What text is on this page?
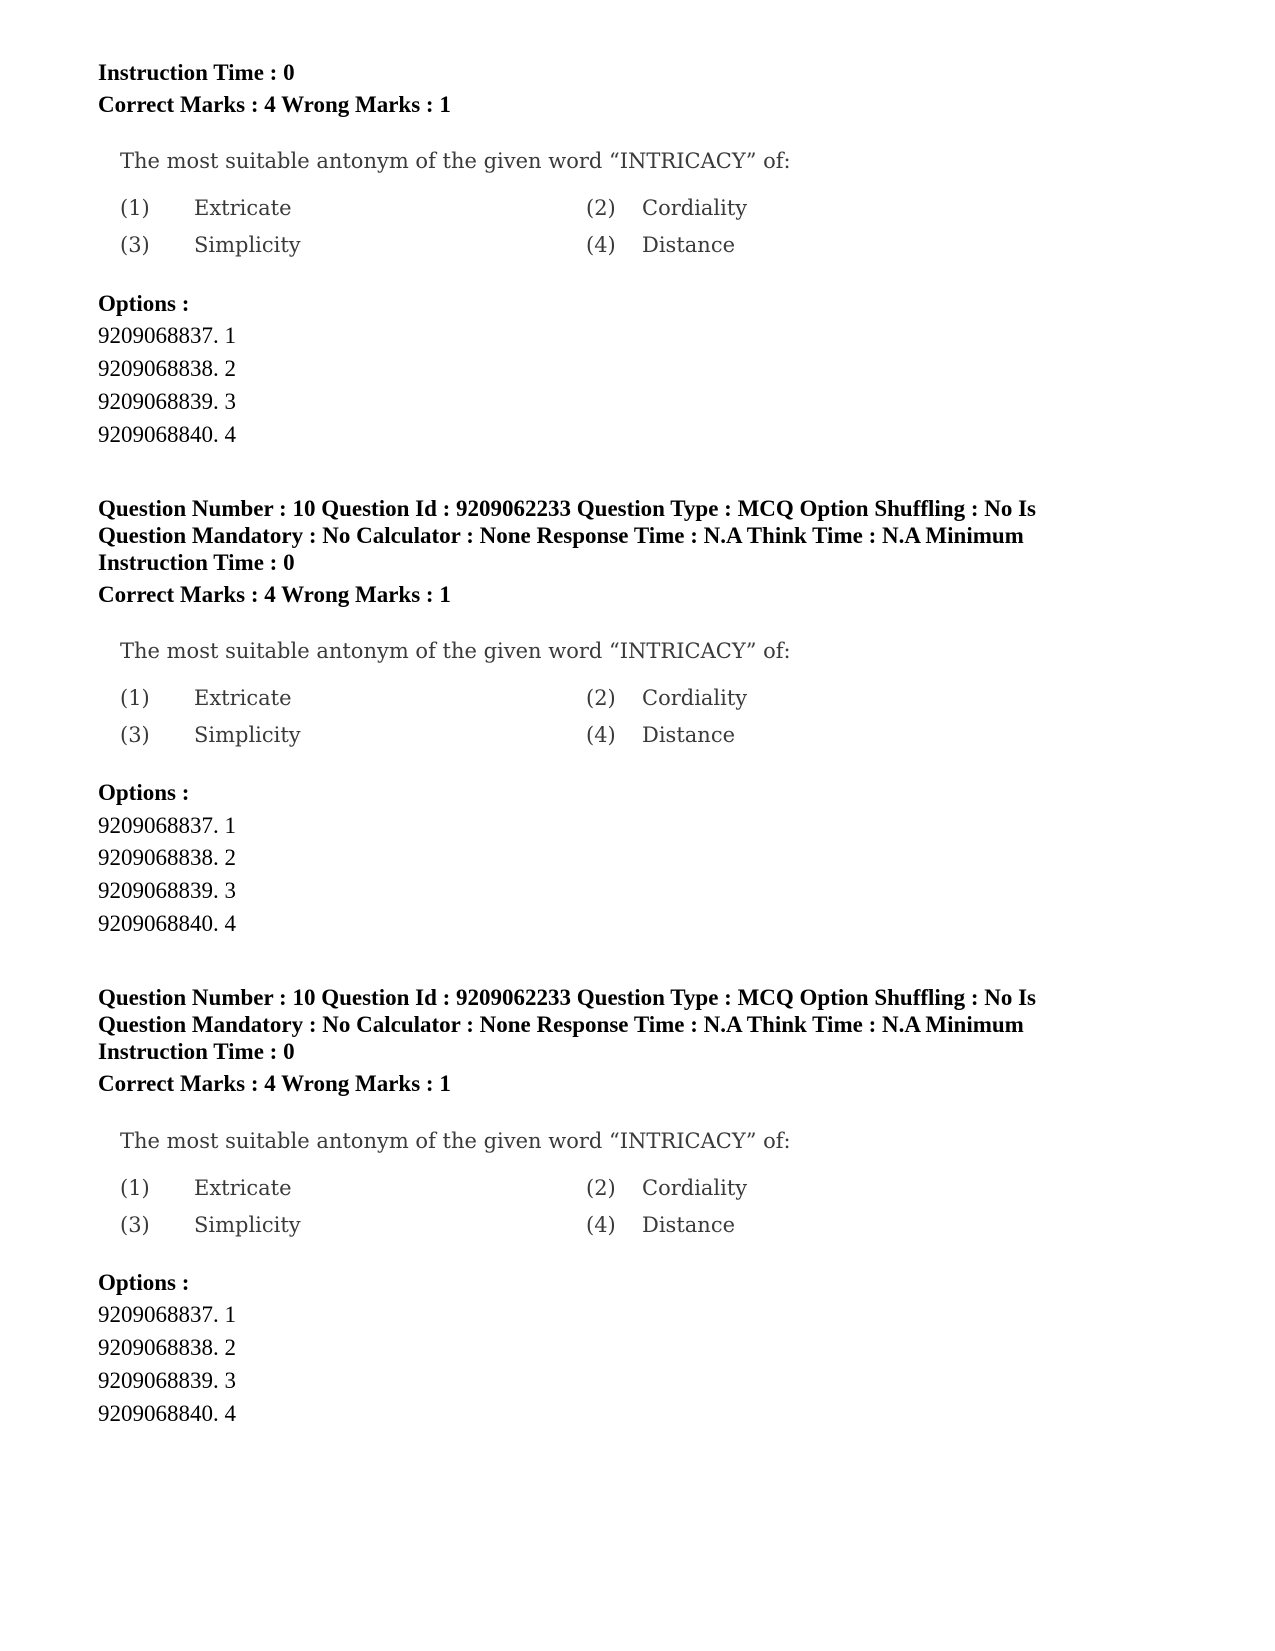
Instruction Time : 0
Correct Marks : 4 Wrong Marks : 1
The most suitable antonym of the given word “INTRICACY” of:
(1) Extricate	(2) Cordiality
(3) Simplicity	(4) Distance
Options :
9209068837. 1
9209068838. 2
9209068839. 3
9209068840. 4
Question Number : 10 Question Id : 9209062233 Question Type : MCQ Option Shuffling : No Is
Question Mandatory : No Calculator : None Response Time : N.A Think Time : N.A Minimum
Instruction Time : 0
Correct Marks : 4 Wrong Marks : 1
The most suitable antonym of the given word “INTRICACY” of:
(1) Extricate	(2) Cordiality
(3) Simplicity	(4) Distance
Options :
9209068837. 1
9209068838. 2
9209068839. 3
9209068840. 4
Question Number : 10 Question Id : 9209062233 Question Type : MCQ Option Shuffling : No Is
Question Mandatory : No Calculator : None Response Time : N.A Think Time : N.A Minimum
Instruction Time : 0
Correct Marks : 4 Wrong Marks : 1
The most suitable antonym of the given word “INTRICACY” of:
(1) Extricate	(2) Cordiality
(3) Simplicity	(4) Distance
Options :
9209068837. 1
9209068838. 2
9209068839. 3
9209068840. 4
